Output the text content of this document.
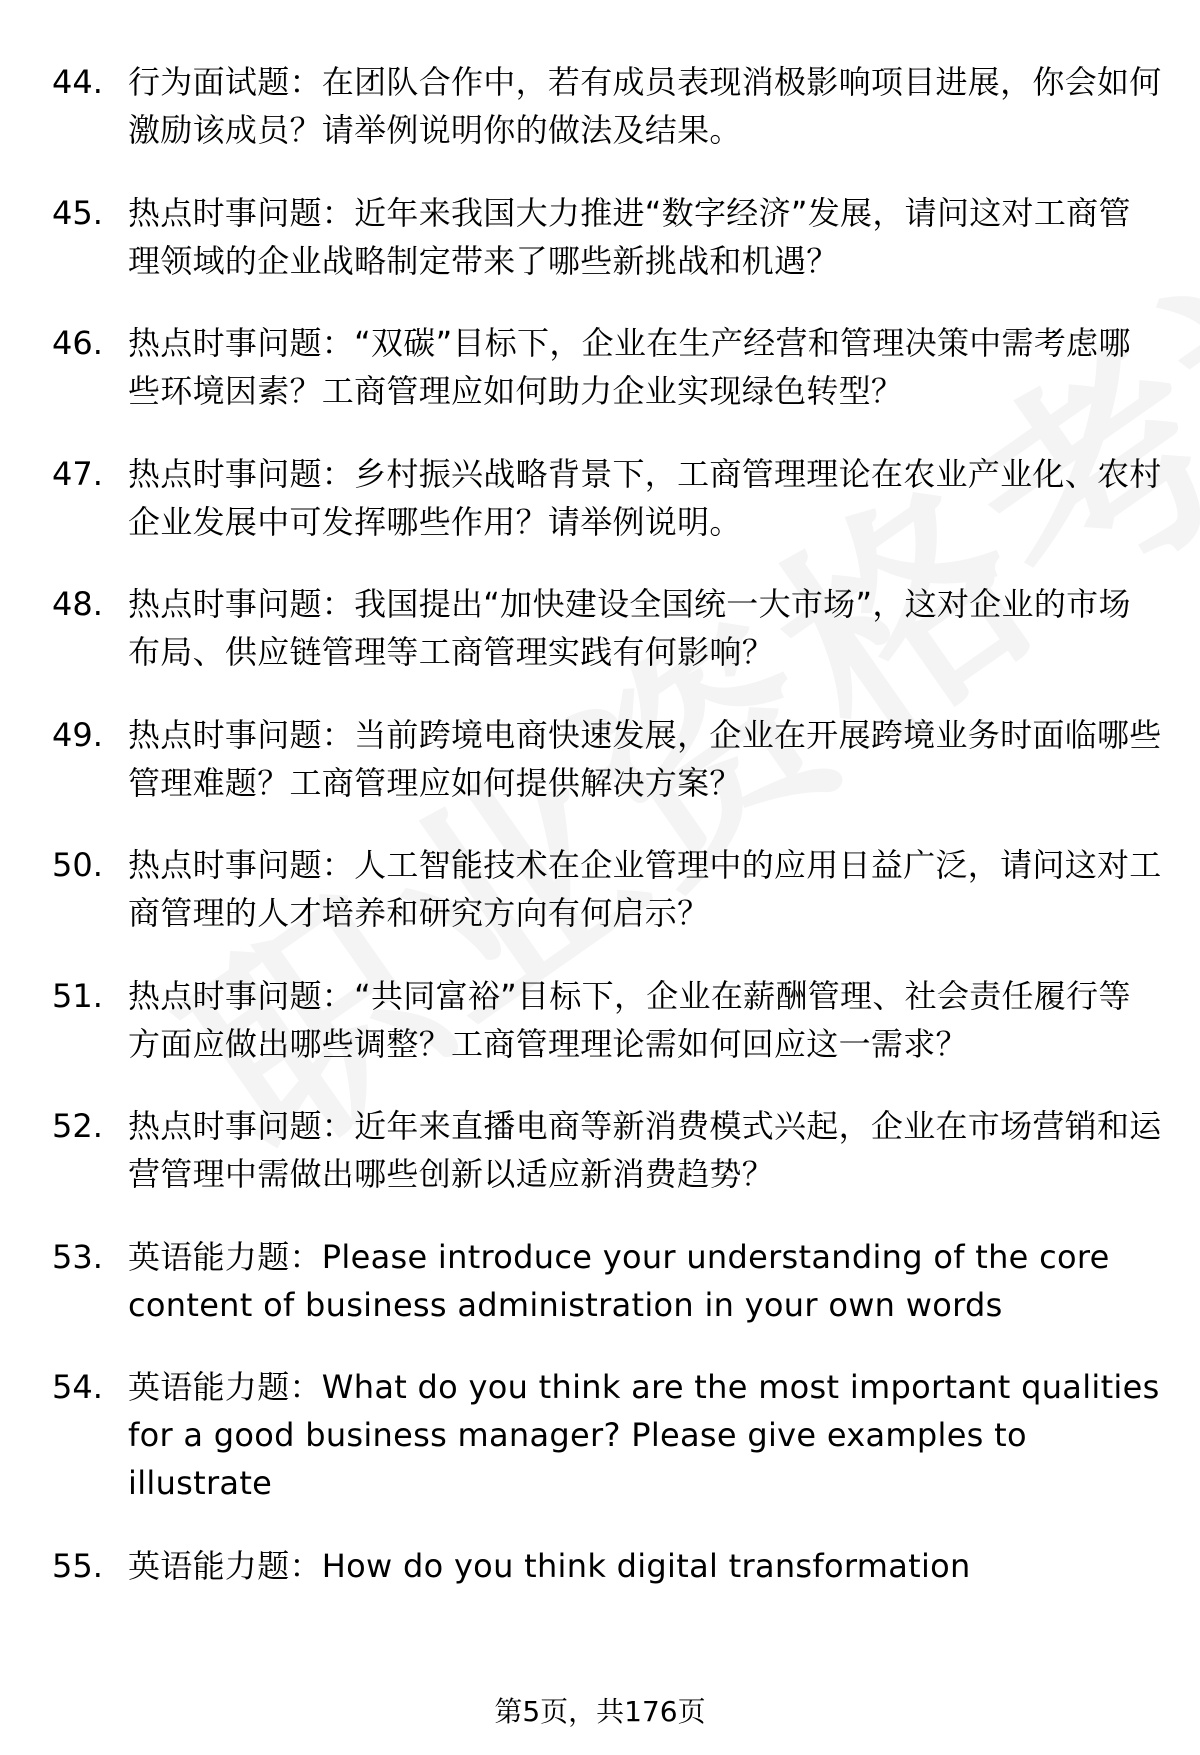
44. 行为面试题：在团队合作中，若有成员表现消极影响项目进展，你会如何激励该成员？请举例说明你的做法及结果。
45. 热点时事问题：近年来我国大力推进“数字经济”发展，请问这对工商管理领域的企业战略制定带来了哪些新挑战和机遇？
46. 热点时事问题：“双碳”目标下，企业在生产经营和管理决策中需考虑哪些环境因素？工商管理应如何助力企业实现绿色转型？
47. 热点时事问题：乡村振兴战略背景下，工商管理理论在农业产业化、农村企业发展中可发挥哪些作用？请举例说明。
48. 热点时事问题：我国提出“加快建设全国统一大市场”，这对企业的市场布局、供应链管理等工商管理实践有何影响？
49. 热点时事问题：当前跨境电商快速发展，企业在开展跨境业务时面临哪些管理难题？工商管理应如何提供解决方案？
50. 热点时事问题：人工智能技术在企业管理中的应用日益广泛，请问这对工商管理的人才培养和研究方向有何启示？
51. 热点时事问题：“共同富裕”目标下，企业在薪酬管理、社会责任履行等方面应做出哪些调整？工商管理理论需如何回应这一需求？
52. 热点时事问题：近年来直播电商等新消费模式兴起，企业在市场营销和运营管理中需做出哪些创新以适应新消费趋势？
53. 英语能力题：Please introduce your understanding of the core content of business administration in your own words
54. 英语能力题：What do you think are the most important qualities for a good business manager? Please give examples to illustrate
55. 英语能力题：How do you think digital transformation
第5页，共176页
